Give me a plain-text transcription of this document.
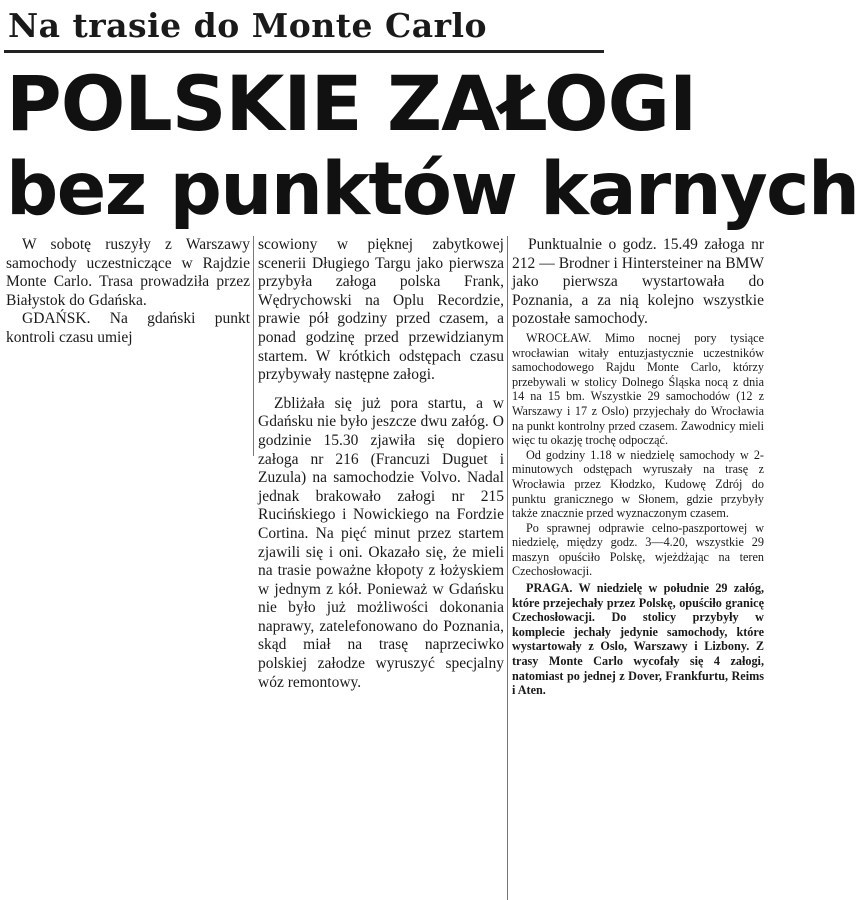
Na trasie do Monte Carlo
POLSKIE ZAŁOGI
bez punktów karnych

W sobotę ruszyły z Warszawy samochody uczestniczące w Rajdzie Monte Carlo. Trasa prowadziła przez Białystok do Gdańska.

GDAŃSK. Na gdański punkt kontroli czasu umiej

scowiony w pięknej zabytkowej scenerii Długiego Targu jako pierwsza przybyła załoga polska Frank, Wędrychowski na Oplu Recordzie, prawie pół godziny przed czasem, a ponad godzinę przed przewidzianym startem. W krótkich odstępach czasu przybywały następne załogi.

Zbliżała się już pora startu, a w Gdańsku nie było jeszcze dwu załóg. O godzinie 15.30 zjawiła się dopiero załoga nr 216 (Francuzi Duguet i Zuzula) na samochodzie Volvo. Nadal jednak brakowało załogi nr 215 Rucińskiego i Nowickiego na Fordzie Cortina. Na pięć minut przez startem zjawili się i oni. Okazało się, że mieli na trasie poważne kłopoty z łożyskiem w jednym z kół. Ponieważ w Gdańsku nie było już możliwości dokonania naprawy, zatelefonowano do Poznania, skąd miał na trasę naprzeciwko polskiej załodze wyruszyć specjalny wóz remontowy.

Punktualnie o godz. 15.49 załoga nr 212 — Brodner i Hintersteiner na BMW jako pierwsza wystartowała do Poznania, a za nią kolejno wszystkie pozostałe samochody.

WROCŁAW. Mimo nocnej pory tysiące wrocławian witały entuzjastycznie uczestników samochodowego Rajdu Monte Carlo, którzy przebywali w stolicy Dolnego Śląska nocą z dnia 14 na 15 bm. Wszystkie 29 samochodów (12 z Warszawy i 17 z Oslo) przyjechały do Wrocławia na punkt kontrolny przed czasem. Zawodnicy mieli więc tu okazję trochę odpocząć.

Od godziny 1.18 w niedzielę samochody w 2-minutowych odstępach wyruszały na trasę z Wrocławia przez Kłodzko, Kudowę Zdrój do punktu granicznego w Słonem, gdzie przybyły także znacznie przed wyznaczonym czasem.

Po sprawnej odprawie celno-paszportowej w niedzielę, między godz. 3—4.20, wszystkie 29 maszyn opuściło Polskę, wjeżdżając na teren Czechosłowacji.

PRAGA. W niedzielę w południe 29 załóg, które przejechały przez Polskę, opuściło granicę Czechosłowacji. Do stolicy przybyły w komplecie jechały jedynie samochody, które wystartowały z Oslo, Warszawy i Lizbony. Z trasy Monte Carlo wycofały się 4 załogi, natomiast po jednej z Dover, Frankfurtu, Reims i Aten.
